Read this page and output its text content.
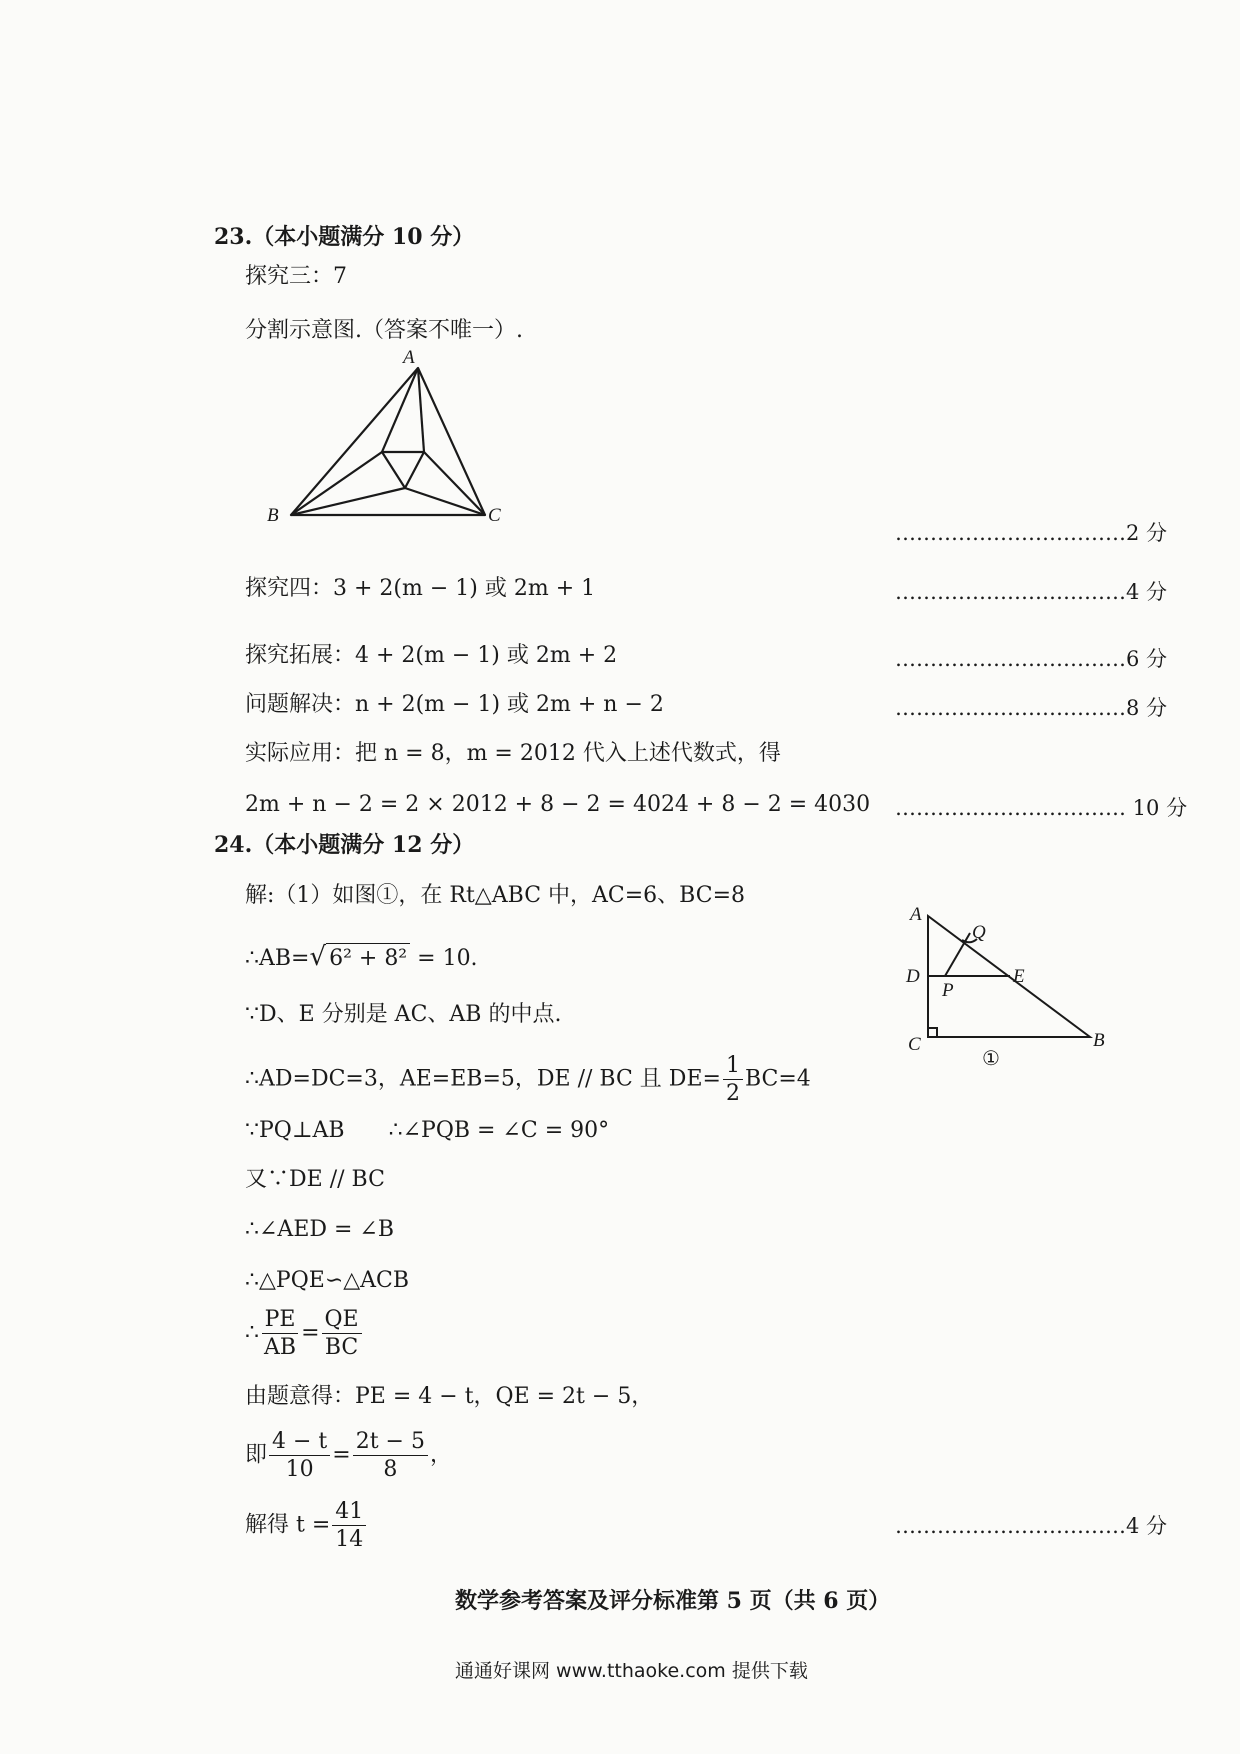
23.（本小题满分 10 分）
探究三：7
分割示意图.（答案不唯一）.
A
B	C
……………………………2 分
探究四：3 + 2(m − 1) 或 2m + 1	……………………………4 分
探究拓展：4 + 2(m − 1) 或 2m + 2	……………………………6 分
问题解决：n + 2(m − 1) 或 2m + n − 2	……………………………8 分
实际应用：把 n = 8，m = 2012 代入上述代数式，得
2m + n − 2 = 2 × 2012 + 8 − 2 = 4024 + 8 − 2 = 4030 …………………………… 10 分
24.（本小题满分 12 分）
解:（1）如图①，在 Rt△ABC 中，AC=6、BC=8
∴AB=√ 6² + 8² = 10.
∵D、E 分别是 AC、AB 的中点.
∴AD=DC=3，AE=EB=5，DE // BC 且 $DE= \frac{1}{2} BC=4$
∵PQ⊥AB　　∴∠PQB = ∠C = 90°
又∵DE // BC
∴∠AED = ∠B
∴△PQE∽△ACB
∴ $\frac{PE}{AB} = \frac{QE}{BC}$
由题意得：PE = 4 − t，QE = 2t − 5，
即 $\frac{4 - t}{10} = \frac{2t - 5}{8}$ ，
解得 $t = \frac{41}{14}$	……………………………4 分
A
Q
D
P
E
C	B
①
数学参考答案及评分标准第 5 页（共 6 页）
通通好课网 www.tthaoke.com 提供下载
